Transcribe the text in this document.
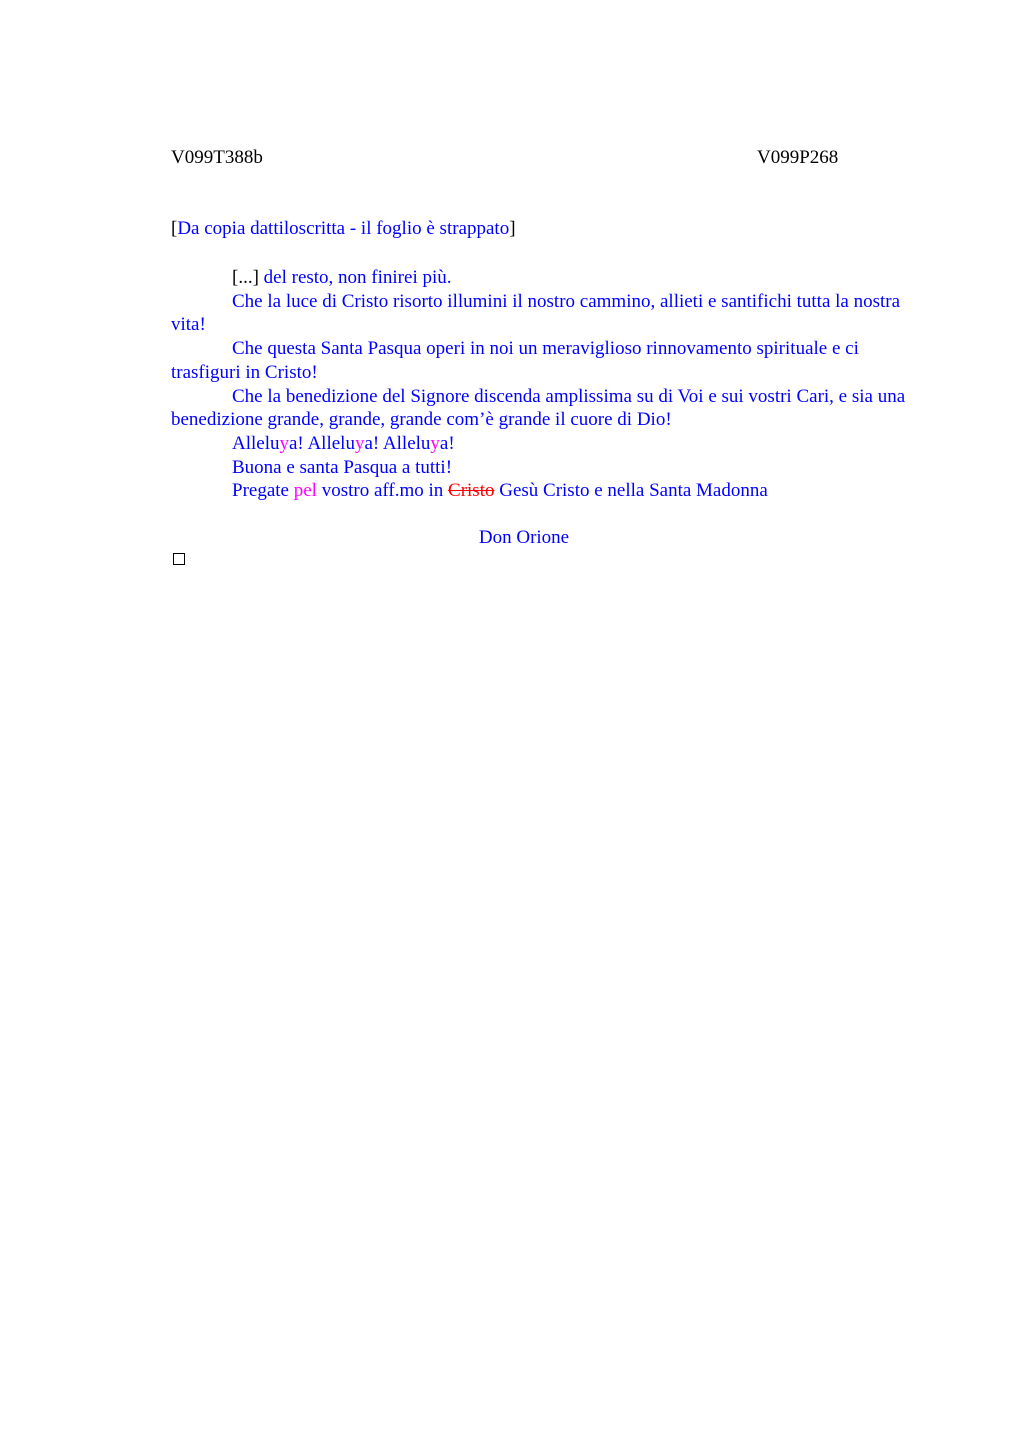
V099T388b	V099P268
[Da copia dattiloscritta - il foglio è strappato]

[...] del resto, non finirei più.

Che la luce di Cristo risorto illumini il nostro cammino, allieti e santifichi tutta la nostra vita!

Che questa Santa Pasqua operi in noi un meraviglioso rinnovamento spirituale e ci trasfiguri in Cristo!

Che la benedizione del Signore discenda amplissima su di Voi e sui vostri Cari, e sia una benedizione grande, grande, grande com’è grande il cuore di Dio!

Alleluya! Alleluya! Alleluya!

Buona e santa Pasqua a tutti!

Pregate pel vostro aff.mo in Cristo Gesù Cristo e nella Santa Madonna

Don Orione
